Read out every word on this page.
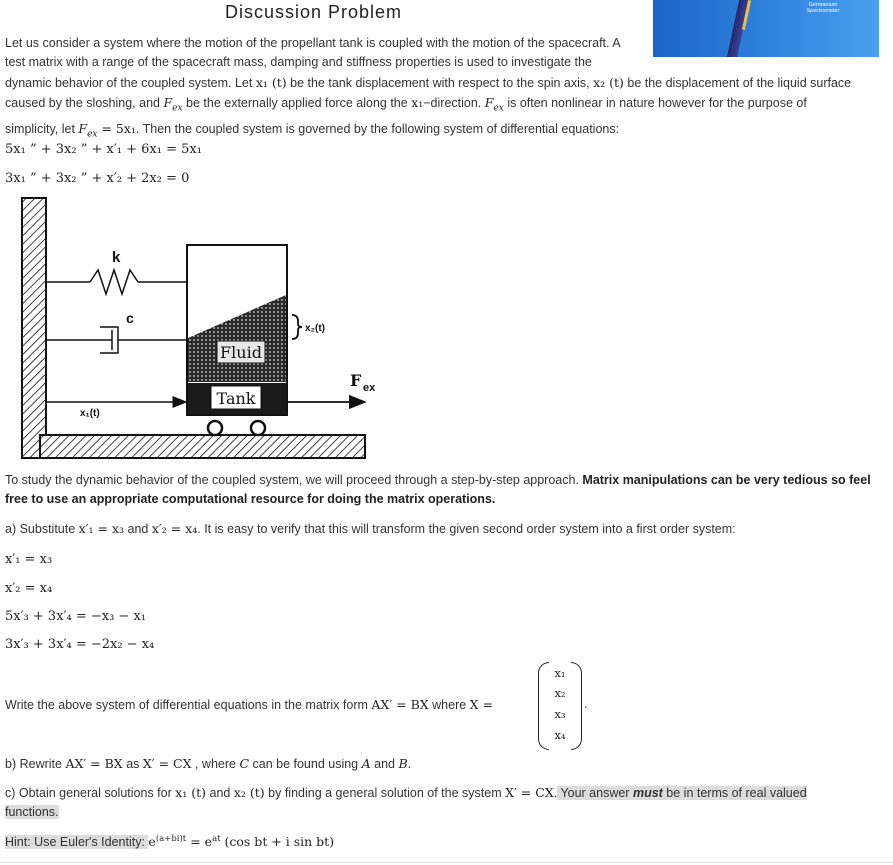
Discussion Problem	Germanium Spectrometer
Let us consider a system where the motion of the propellant tank is coupled with the motion of the spacecraft. A
test matrix with a range of the spacecraft mass, damping and stiffness properties is used to investigate the
dynamic behavior of the coupled system. Let x₁ (t) be the tank displacement with respect to the spin axis, x₂ (t) be the displacement of the liquid surface
caused by the sloshing, and $F_{ex}$ be the externally applied force along the x₁−direction. $F_{ex}$ is often nonlinear in nature however for the purpose of
simplicity, let $F_{ex} = 5x_1$. Then the coupled system is governed by the following system of differential equations:
5x₁ ” + 3x₂ ” + x′₁ + 6x₁ = 5x₁
3x₁ ” + 3x₂ ” + x′₂ + 2x₂ = 0
k
c
Fluid
Tank
x₂(t)
x₁(t)
F ex
To study the dynamic behavior of the coupled system, we will proceed through a step-by-step approach. Matrix manipulations can be very tedious so feel
free to use an appropriate computational resource for doing the matrix operations.
a) Substitute x′₁ = x₃ and x′₂ = x₄. It is easy to verify that this will transform the given second order system into a first order system:
x′₁ = x₃
x′₂ = x₄
5x′₃ + 3x′₄ = −x₃ − x₁
3x′₃ + 3x′₄ = −2x₂ − x₄
Write the above system of differential equations in the matrix form AX′ = BX where X =
x₁
x₂
x₃
x₄
.
b) Rewrite AX′ = BX as X′ = CX , where C can be found using A and B.
c) Obtain general solutions for x₁ (t) and x₂ (t) by finding a general solution of the system X′ = CX. Your answer must be in terms of real valued
functions.
Hint: Use Euler's Identity: $e^{(a+bi)t} = e^{at}$ (cos bt + i sin bt)
